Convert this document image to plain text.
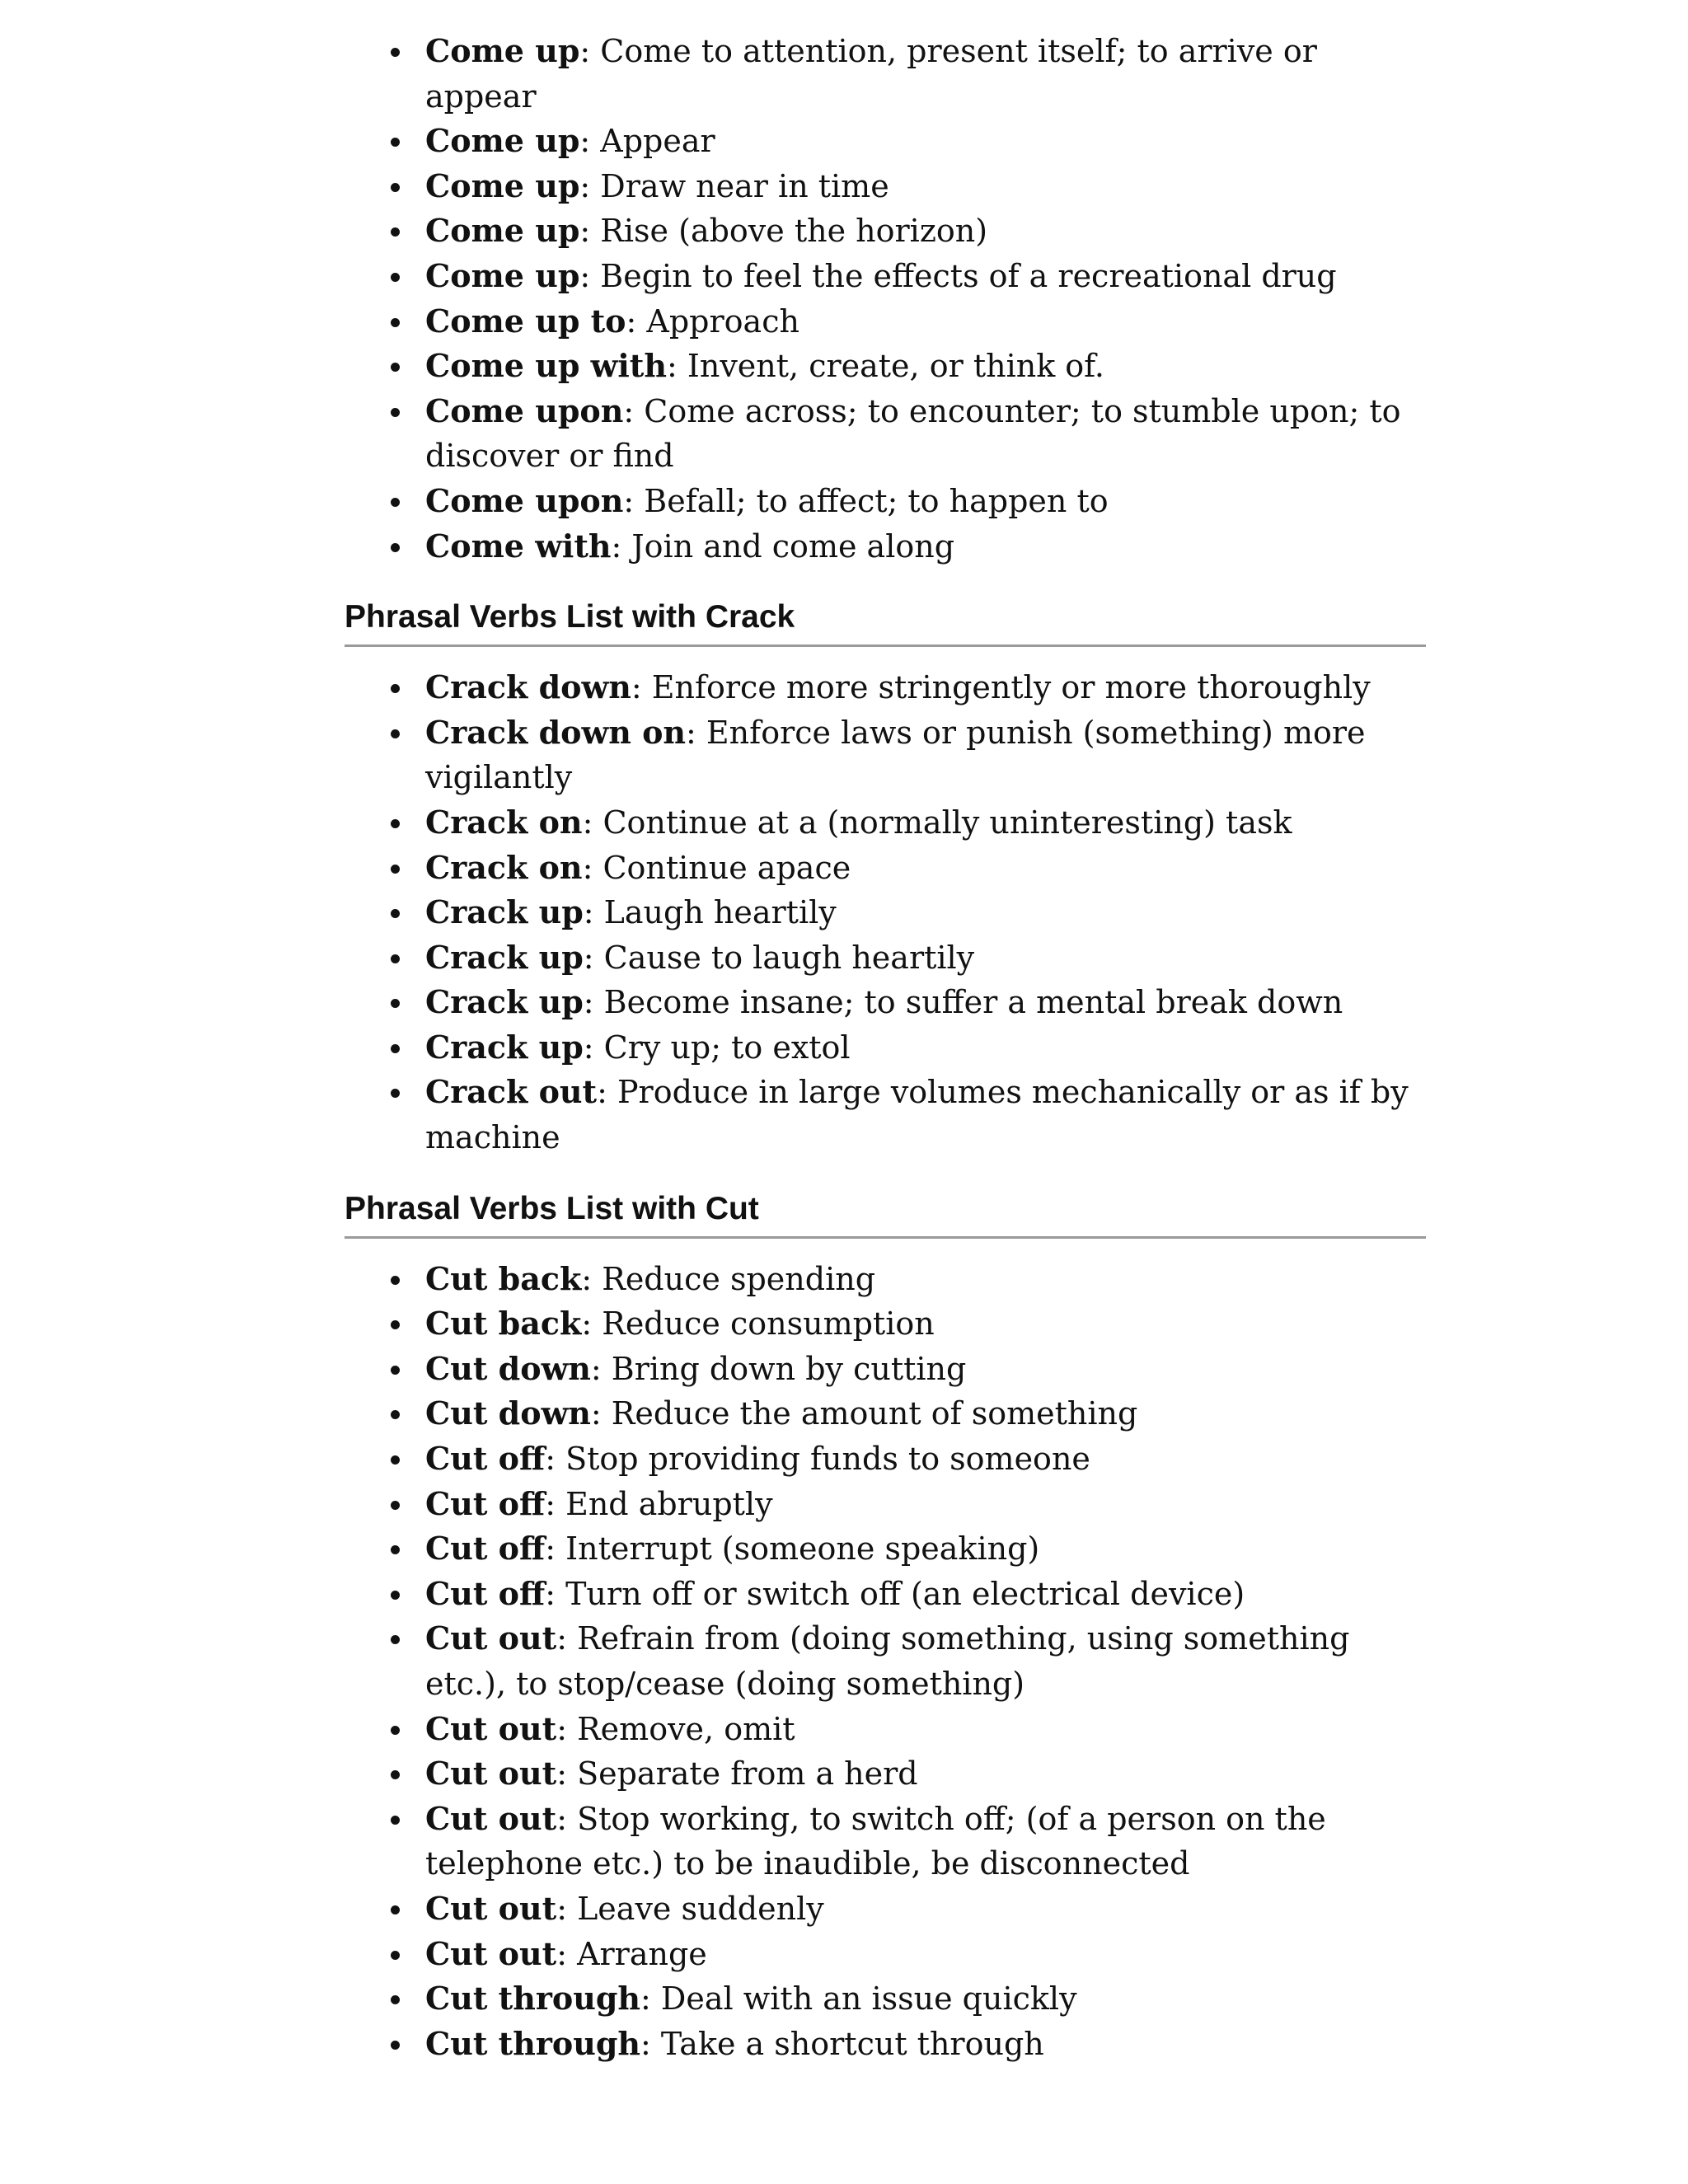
Come up: Come to attention, present itself; to arrive or appear
Come up: Appear
Come up: Draw near in time
Come up: Rise (above the horizon)
Come up: Begin to feel the effects of a recreational drug
Come up to: Approach
Come up with: Invent, create, or think of.
Come upon: Come across; to encounter; to stumble upon; to discover or find
Come upon: Befall; to affect; to happen to
Come with: Join and come along
Phrasal Verbs List with Crack
Crack down: Enforce more stringently or more thoroughly
Crack down on: Enforce laws or punish (something) more vigilantly
Crack on: Continue at a (normally uninteresting) task
Crack on: Continue apace
Crack up: Laugh heartily
Crack up: Cause to laugh heartily
Crack up: Become insane; to suffer a mental break down
Crack up: Cry up; to extol
Crack out: Produce in large volumes mechanically or as if by machine
Phrasal Verbs List with Cut
Cut back: Reduce spending
Cut back: Reduce consumption
Cut down: Bring down by cutting
Cut down: Reduce the amount of something
Cut off: Stop providing funds to someone
Cut off: End abruptly
Cut off: Interrupt (someone speaking)
Cut off: Turn off or switch off (an electrical device)
Cut out: Refrain from (doing something, using something etc.), to stop/cease (doing something)
Cut out: Remove, omit
Cut out: Separate from a herd
Cut out: Stop working, to switch off; (of a person on the telephone etc.) to be inaudible, be disconnected
Cut out: Leave suddenly
Cut out: Arrange
Cut through: Deal with an issue quickly
Cut through: Take a shortcut through
